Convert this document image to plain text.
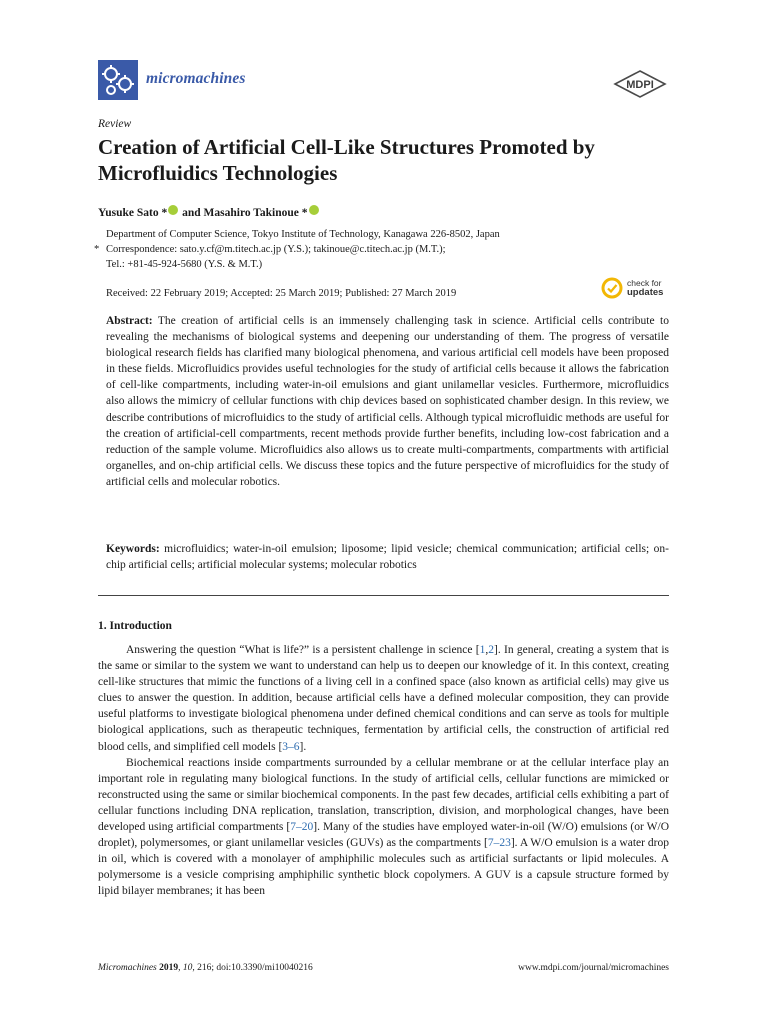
micromachines	MDPI
Review
Creation of Artificial Cell-Like Structures Promoted by Microfluidics Technologies
Yusuke Sato * and Masahiro Takinoue *
Department of Computer Science, Tokyo Institute of Technology, Kanagawa 226-8502, Japan
* Correspondence: sato.y.cf@m.titech.ac.jp (Y.S.); takinoue@c.titech.ac.jp (M.T.);
Tel.: +81-45-924-5680 (Y.S. & M.T.)
Received: 22 February 2019; Accepted: 25 March 2019; Published: 27 March 2019
check for
updates

Abstract: The creation of artificial cells is an immensely challenging task in science. Artificial cells contribute to revealing the mechanisms of biological systems and deepening our understanding of them. The progress of versatile biological research fields has clarified many biological phenomena, and various artificial cell models have been proposed in these fields. Microfluidics provides useful technologies for the study of artificial cells because it allows the fabrication of cell-like compartments, including water-in-oil emulsions and giant unilamellar vesicles. Furthermore, microfluidics also allows the mimicry of cellular functions with chip devices based on sophisticated chamber design. In this review, we describe contributions of microfluidics to the study of artificial cells. Although typical microfluidic methods are useful for the creation of artificial-cell compartments, recent methods provide further benefits, including low-cost fabrication and a reduction of the sample volume. Microfluidics also allows us to create multi-compartments, compartments with artificial organelles, and on-chip artificial cells. We discuss these topics and the future perspective of microfluidics for the study of artificial cells and molecular robotics.

Keywords: microfluidics; water-in-oil emulsion; liposome; lipid vesicle; chemical communication; artificial cells; on-chip artificial cells; artificial molecular systems; molecular robotics

1. Introduction

Answering the question “What is life?” is a persistent challenge in science [1,2]. In general, creating a system that is the same or similar to the system we want to understand can help us to deepen our knowledge of it. In this context, creating cell-like structures that mimic the functions of a living cell in a confined space (also known as artificial cells) may give us clues to answer the question. In addition, because artificial cells have a defined molecular composition, they can provide useful platforms to investigate biological phenomena under defined chemical conditions and can serve as tools for multiple biological applications, such as therapeutic techniques, fermentation by artificial cells, the construction of artificial red blood cells, and simplified cell models [3–6].

Biochemical reactions inside compartments surrounded by a cellular membrane or at the cellular interface play an important role in regulating many biological functions. In the study of artificial cells, cellular functions are mimicked or reconstructed using the same or similar biochemical components. In the past few decades, artificial cells exhibiting a part of cellular functions including DNA replication, translation, transcription, division, and morphological changes, have been developed using artificial compartments [7–20]. Many of the studies have employed water-in-oil (W/O) emulsions (or W/O droplet), polymersomes, or giant unilamellar vesicles (GUVs) as the compartments [7–23]. A W/O emulsion is a water drop in oil, which is covered with a monolayer of amphiphilic molecules such as artificial surfactants or lipid molecules. A polymersome is a vesicle comprising amphiphilic synthetic block copolymers. A GUV is a capsule structure formed by lipid bilayer membranes; it has been

Micromachines 2019, 10, 216; doi:10.3390/mi10040216	www.mdpi.com/journal/micromachines
